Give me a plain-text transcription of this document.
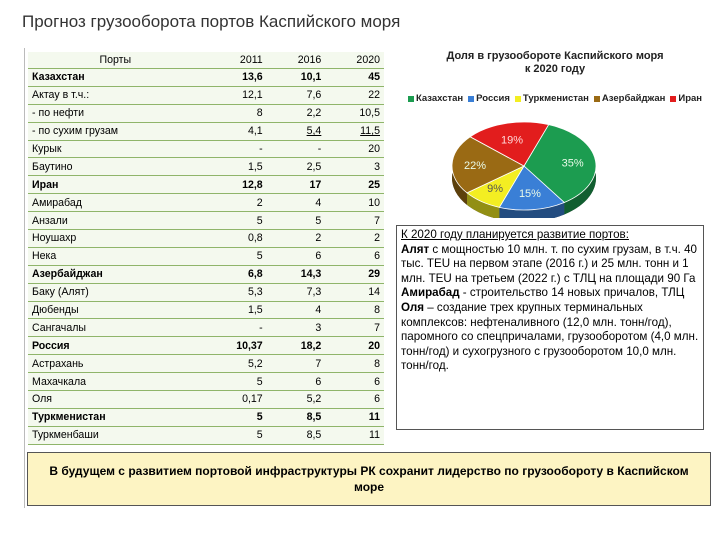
Прогноз грузооборота портов Каспийского моря
Порты	2011	2016	2020
Казахстан	13,6	10,1	45
Актау в т.ч.:	12,1	7,6	22
- по нефти	8	2,2	10,5
- по сухим грузам	4,1	5,4	11,5
Курык	-	-	20
Баутино	1,5	2,5	3
Иран	12,8	17	25
Амирабад	2	4	10
Анзали	5	5	7
Ноушахр	0,8	2	2
Нека	5	6	6
Азербайджан	6,8	14,3	29
Баку (Алят)	5,3	7,3	14
Дюбенды	1,5	4	8
Сангачалы	-	3	7
Россия	10,37	18,2	20
Астрахань	5,2	7	8
Махачкала	5	6	6
Оля	0,17	5,2	6
Туркменистан	5	8,5	11
Туркменбаши	5	8,5	11
Доля в грузообороте Каспийского моря
к 2020 году
Казахстан Россия Туркменистан Азербайджан Иран
35%
15%
9%
22%
19%

К 2020 году планируется развитие портов:

Алят с мощностью 10 млн. т. по сухим грузам, в т.ч. 40 тыс. TEU на первом этапе (2016 г.) и 25 млн. тонн и 1 млн. TEU на третьем (2022 г.) с ТЛЦ на площади 90 Га

Амирабад - строительство 14 новых причалов, ТЛЦ

Оля – создание трех крупных терминальных комплексов: нефтеналивного (12,0 млн. тонн/год), паромного со спецпричалами, грузооборотом (4,0 млн. тонн/год) и сухогрузного с грузооборотом 10,0 млн. тонн/год.

В будущем с развитием портовой инфраструктуры РК сохранит лидерство по грузообороту в Каспийском море
